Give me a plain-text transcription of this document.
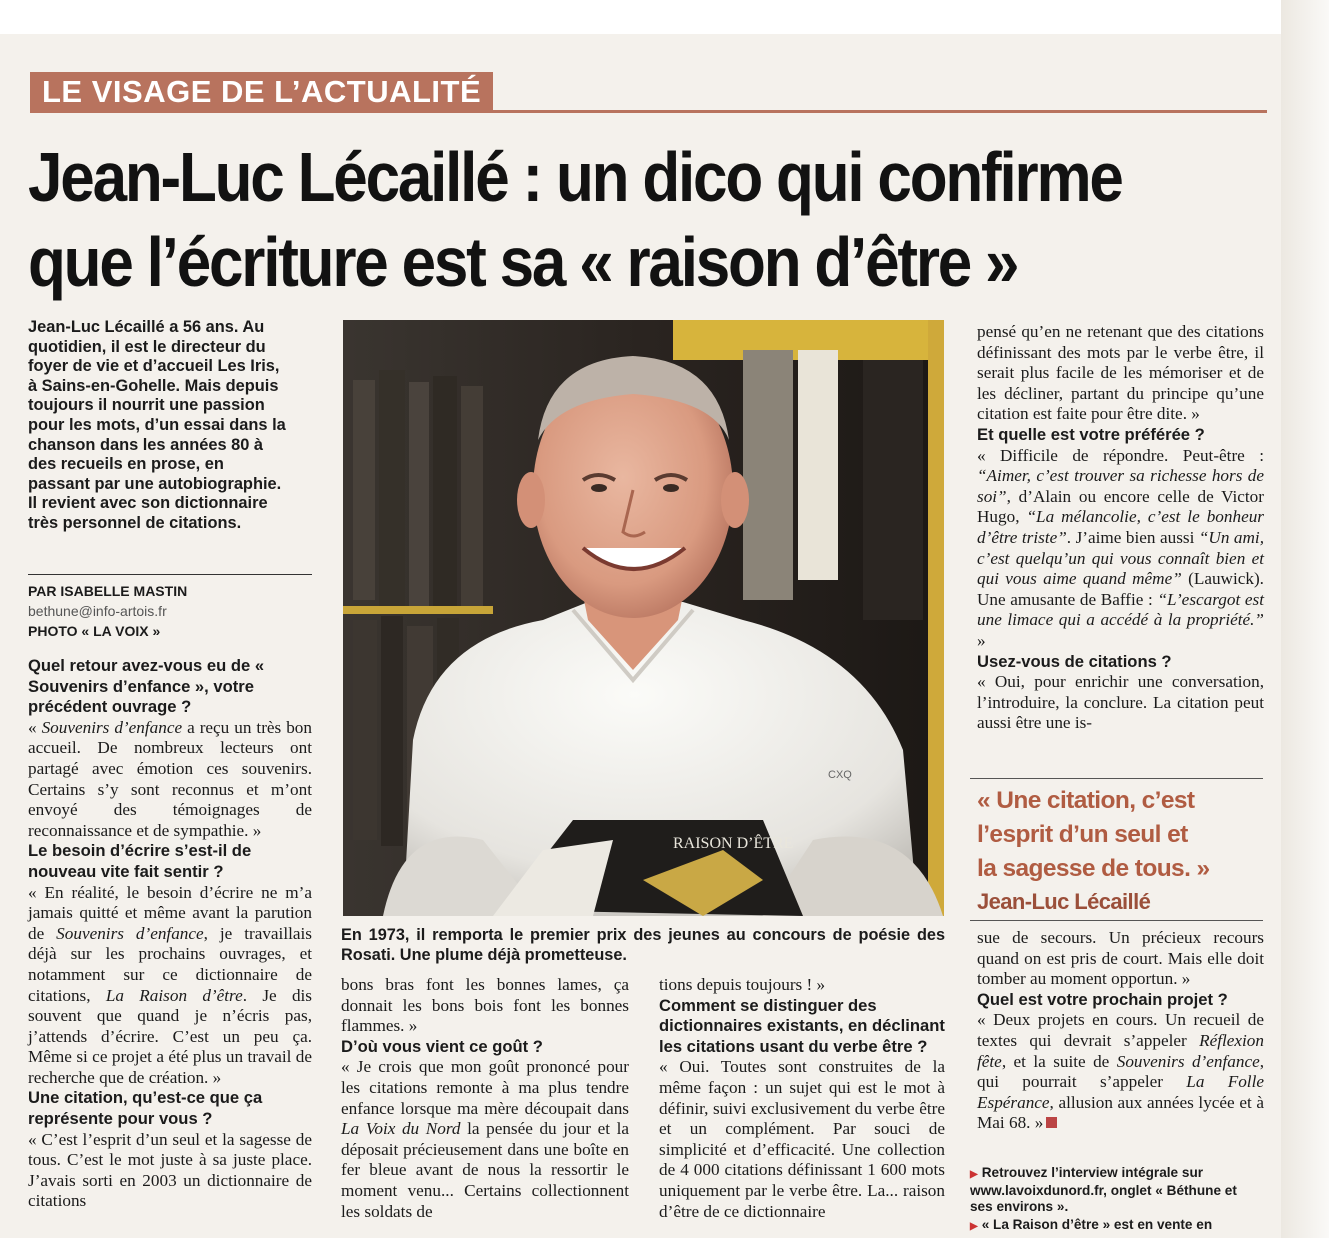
LE VISAGE DE L’ACTUALITÉ
Jean-Luc Lécaillé : un dico qui confirme
que l’écriture est sa « raison d’être »
Jean-Luc Lécaillé a 56 ans. Au quotidien, il est le directeur du foyer de vie et d’accueil Les Iris, à Sains-en-Gohelle. Mais depuis toujours il nourrit une passion pour les mots, d’un essai dans la chanson dans les années 80 à des recueils en prose, en passant par une autobiographie. Il revient avec son dictionnaire très personnel de citations.
PAR ISABELLE MASTIN
bethune@info-artois.fr
PHOTO « LA VOIX »

Quel retour avez-vous eu de « Souvenirs d’enfance », votre précédent ouvrage ?

« Souvenirs d’enfance a reçu un très bon accueil. De nombreux lecteurs ont partagé avec émotion ces souvenirs. Certains s’y sont reconnus et m’ont envoyé des témoignages de reconnaissance et de sympathie. »

Le besoin d’écrire s’est-il de nouveau vite fait sentir ?

« En réalité, le besoin d’écrire ne m’a jamais quitté et même avant la parution de Souvenirs d’enfance, je travaillais déjà sur les prochains ouvrages, et notamment sur ce dictionnaire de citations, La Raison d’être. Je dis souvent que quand je n’écris pas, j’attends d’écrire. C’est un peu ça. Même si ce projet a été plus un travail de recherche que de création. »

Une citation, qu’est-ce que ça représente pour vous ?

« C’est l’esprit d’un seul et la sagesse de tous. C’est le mot juste à sa juste place. J’avais sorti en 2003 un dictionnaire de citations

CXQ
RAISON D’ÊTRE
En 1973, il remporta le premier prix des jeunes au concours de poésie des Rosati. Une plume déjà prometteuse.

bons bras font les bonnes lames, ça donnait les bons bois font les bonnes flammes. »

D’où vous vient ce goût ?

« Je crois que mon goût prononcé pour les citations remonte à ma plus tendre enfance lorsque ma mère découpait dans La Voix du Nord la pensée du jour et la déposait précieusement dans une boîte en fer bleue avant de nous la ressortir le moment venu... Certains collectionnent les soldats de

tions depuis toujours ! »

Comment se distinguer des dictionnaires existants, en déclinant les citations usant du verbe être ?

« Oui. Toutes sont construites de la même façon : un sujet qui est le mot à définir, suivi exclusivement du verbe être et un complément. Par souci de simplicité et d’efficacité. Une collection de 4 000 citations définissant 1 600 mots uniquement par le verbe être. La... raison d’être de ce dictionnaire

pensé qu’en ne retenant que des citations définissant des mots par le verbe être, il serait plus facile de les mémoriser et de les décliner, partant du principe qu’une citation est faite pour être dite. »

Et quelle est votre préférée ?

« Difficile de répondre. Peut-être : “Aimer, c’est trouver sa richesse hors de soi”, d’Alain ou encore celle de Victor Hugo, “La mélancolie, c’est le bonheur d’être triste”. J’aime bien aussi “Un ami, c’est quelqu’un qui vous connaît bien et qui vous aime quand même” (Lauwick). Une amusante de Baffie : “L’escargot est une limace qui a accédé à la propriété.” »

Usez-vous de citations ?

« Oui, pour enrichir une conversation, l’introduire, la conclure. La citation peut aussi être une is-

« Une citation, c’est
l’esprit d’un seul et
la sagesse de tous. »
Jean-Luc Lécaillé

sue de secours. Un précieux recours quand on est pris de court. Mais elle doit tomber au moment opportun. »

Quel est votre prochain projet ?

« Deux projets en cours. Un recueil de textes qui devrait s’appeler Réflexion fête, et la suite de Souvenirs d’enfance, qui pourrait s’appeler La Folle Espérance, allusion aux années lycée et à Mai 68. »

▶ Retrouvez l’interview intégrale sur www.lavoixdunord.fr, onglet « Béthune et ses environs ».
▶ « La Raison d’être » est en vente en
